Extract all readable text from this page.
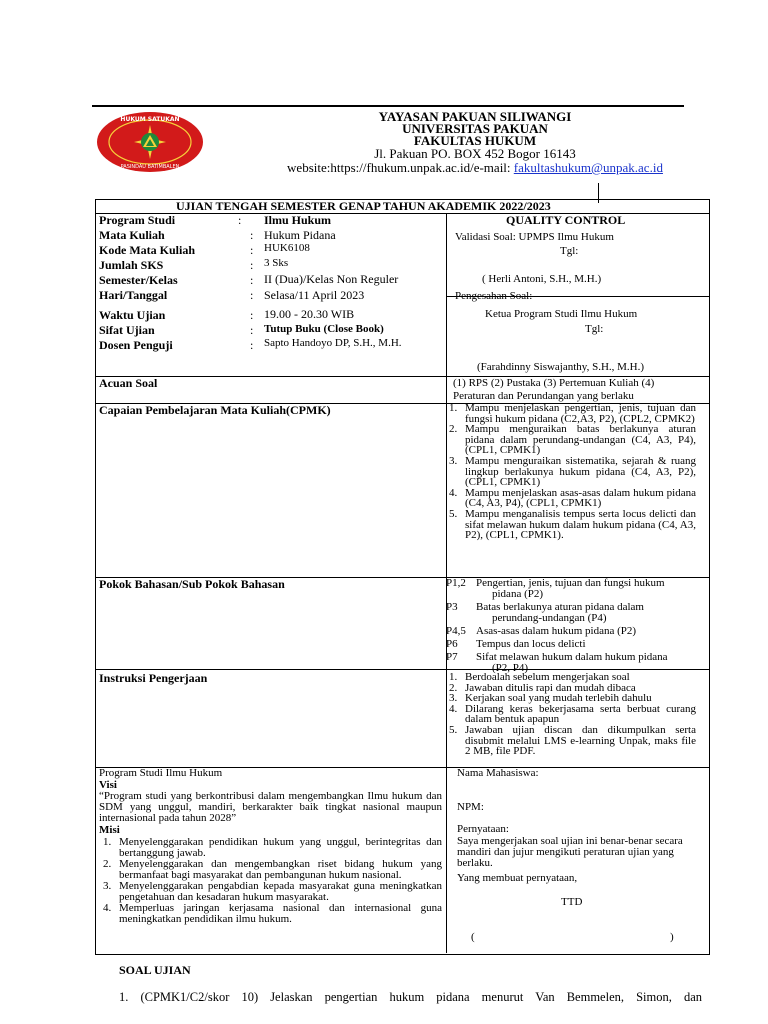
HUKUM SATUKAN
PASINDAU BATIMBALEN
YAYASAN PAKUAN SILIWANGI
UNIVERSITAS PAKUAN
FAKULTAS HUKUM
Jl. Pakuan PO. BOX 452 Bogor 16143
website:https://fhukum.unpak.ac.id/e-mail: fakultashukum@unpak.ac.id
UJIAN TENGAH SEMESTER GENAP TAHUN AKADEMIK 2022/2023
Program Studi	: Ilmu Hukum
Mata Kuliah	: Hukum Pidana
Kode Mata Kuliah	: HUK6108
Jumlah SKS	: 3 Sks
Semester/Kelas	: II (Dua)/Kelas Non Reguler
Hari/Tanggal	: Selasa/11 April 2023
Waktu Ujian	: 19.00 - 20.30 WIB
Sifat Ujian	: Tutup Buku (Close Book)
Dosen Penguji	: Sapto Handoyo DP, S.H., M.H.
QUALITY CONTROL
Validasi Soal: UPMPS Ilmu Hukum
Tgl:
( Herli Antoni, S.H., M.H.)
Pengesahan Soal:
Ketua Program Studi Ilmu Hukum
Tgl:
(Farahdinny Siswajanthy, S.H., M.H.)
Acuan Soal	(1) RPS (2) Pustaka (3) Pertemuan Kuliah (4)
Peraturan dan Perundangan yang berlaku
Capaian Pembelajaran Mata Kuliah(CPMK)	1. Mampu menjelaskan pengertian, jenis, tujuan dan fungsi hukum pidana (C2,A3, P2), (CPL2, CPMK2)
2. Mampu menguraikan batas berlakunya aturan pidana dalam perundang-undangan (C4, A3, P4), (CPL1, CPMK1)
3. Mampu menguraikan sistematika, sejarah & ruang lingkup berlakunya hukum pidana (C4, A3, P2), (CPL1, CPMK1)
4. Mampu menjelaskan asas-asas dalam hukum pidana (C4, A3, P4), (CPL1, CPMK1)
5. Mampu menganalisis tempus serta locus delicti dan sifat melawan hukum dalam hukum pidana (C4, A3, P2), (CPL1, CPMK1).
Pokok Bahasan/Sub Pokok Bahasan	P1,2 Pengertian, jenis, tujuan dan fungsi hukum
pidana (P2)
P3 Batas berlakunya aturan pidana dalam
perundang-undangan (P4)
P4,5 Asas-asas dalam hukum pidana (P2)
P6 Tempus dan locus delicti
P7 Sifat melawan hukum dalam hukum pidana
(P2, P4)
Instruksi Pengerjaan	1. Berdoalah sebelum mengerjakan soal
2. Jawaban ditulis rapi dan mudah dibaca
3. Kerjakan soal yang mudah terlebih dahulu
4. Dilarang keras bekerjasama serta berbuat curang dalam bentuk apapun
5. Jawaban ujian discan dan dikumpulkan serta disubmit melalui LMS e-learning Unpak, maks file 2 MB, file PDF.
Program Studi Ilmu Hukum
Visi
“Program studi yang berkontribusi dalam mengembangkan Ilmu hukum dan SDM yang unggul, mandiri, berkarakter baik tingkat nasional maupun internasional pada tahun 2028”
Misi
1. Menyelenggarakan pendidikan hukum yang unggul, berintegritas dan bertanggung jawab.
2. Menyelenggarakan dan mengembangkan riset bidang hukum yang bermanfaat bagi masyarakat dan pembangunan hukum nasional.
3. Menyelenggarakan pengabdian kepada masyarakat guna meningkatkan pengetahuan dan kesadaran hukum masyarakat.
4. Memperluas jaringan kerjasama nasional dan internasional guna meningkatkan pendidikan ilmu hukum.
Nama Mahasiswa:
NPM:
Pernyataan:
Saya mengerjakan soal ujian ini benar-benar secara mandiri dan jujur mengikuti peraturan ujian yang berlaku.
Yang membuat pernyataan,
TTD
(	)
SOAL UJIAN
1. (CPMK1/C2/skor 10) Jelaskan pengertian hukum pidana menurut Van Bemmelen, Simon, dan
